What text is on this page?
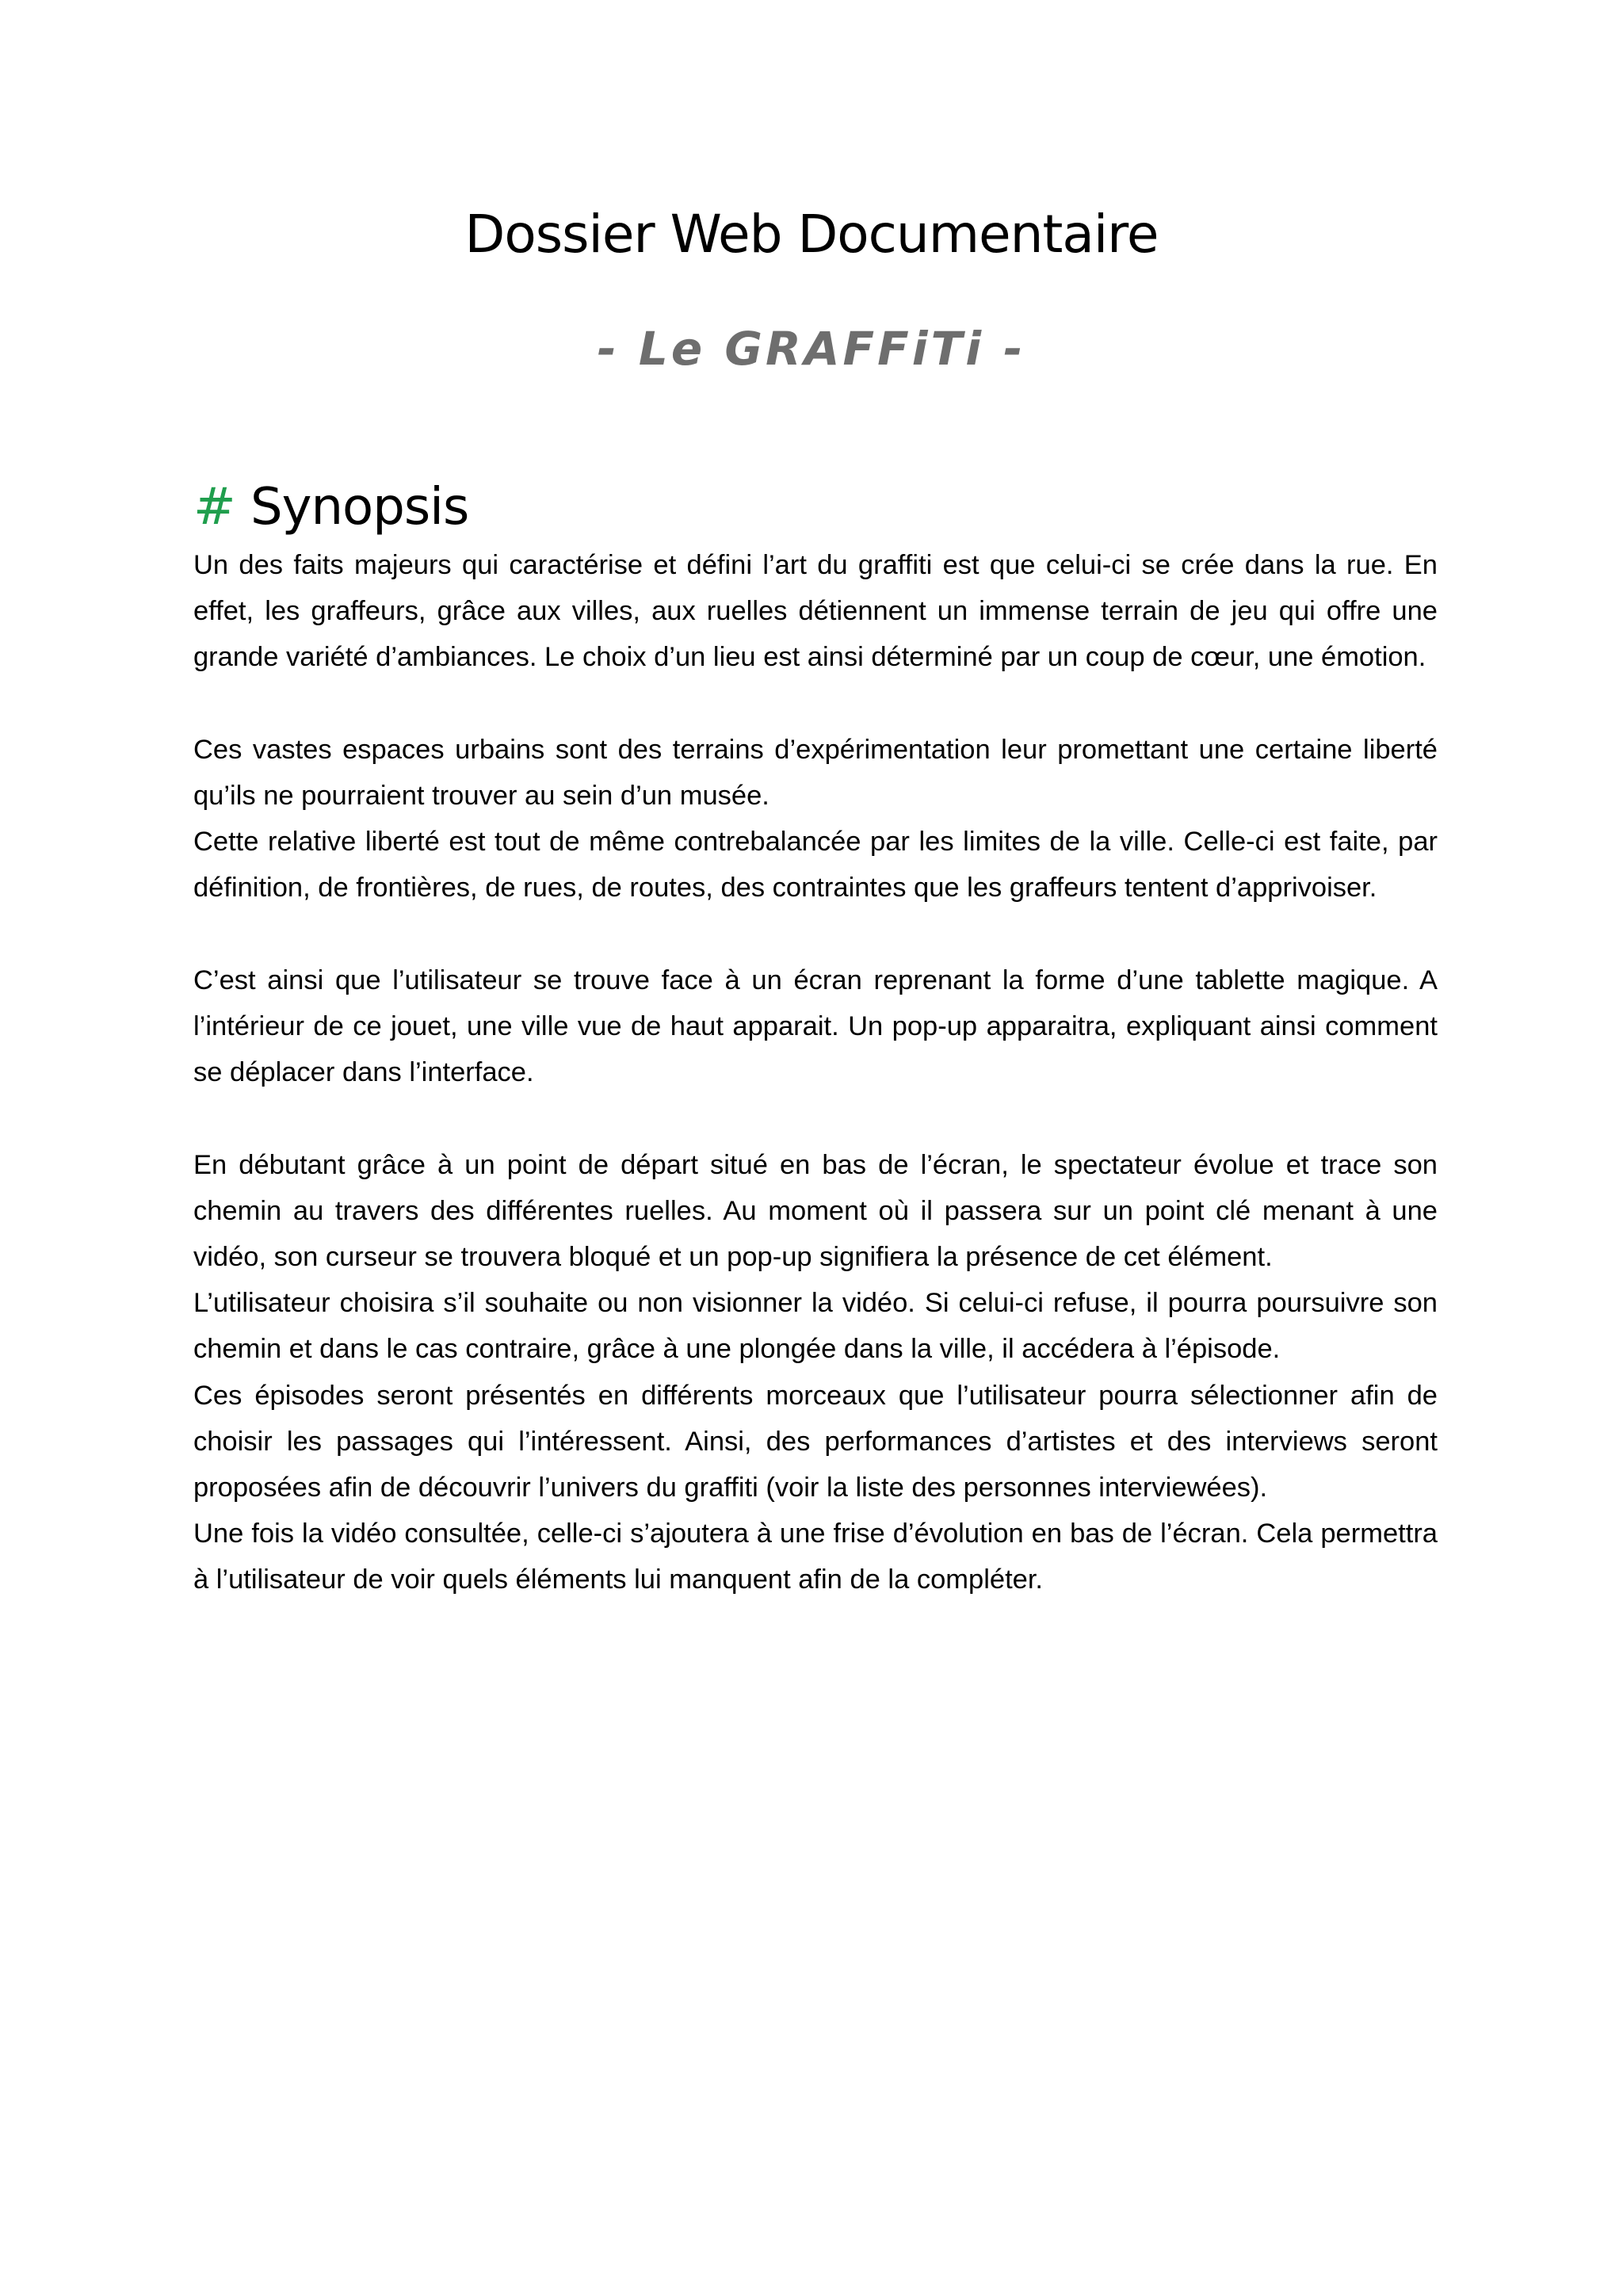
Dossier Web Documentaire
- Le GRAFFiTi -
# Synopsis

Un des faits majeurs qui caractérise et défini l’art du graffiti est que celui-ci se crée dans la rue. En effet, les graffeurs, grâce aux villes, aux ruelles détiennent un immense terrain de jeu qui offre une grande variété d’ambiances. Le choix d’un lieu est ainsi déterminé par un coup de cœur, une émotion.

Ces vastes espaces urbains sont des terrains d’expérimentation leur promettant une certaine liberté qu’ils ne pourraient trouver au sein d’un musée.

Cette relative liberté est tout de même contrebalancée par les limites de la ville. Celle-ci est faite, par définition, de frontières, de rues, de routes, des contraintes que les graffeurs tentent d’apprivoiser.

C’est ainsi que l’utilisateur se trouve face à un écran reprenant la forme d’une tablette magique. A l’intérieur de ce jouet, une ville vue de haut apparait. Un pop-up apparaitra, expliquant ainsi comment se déplacer dans l’interface.

En débutant grâce à un point de départ situé en bas de l’écran, le spectateur évolue et trace son chemin au travers des différentes ruelles. Au moment où il passera sur un point clé menant à une vidéo, son curseur se trouvera bloqué et un pop-up signifiera la présence de cet élément.

L’utilisateur choisira s’il souhaite ou non visionner la vidéo. Si celui-ci refuse, il pourra poursuivre son chemin et dans le cas contraire, grâce à une plongée dans la ville, il accédera à l’épisode.

Ces épisodes seront présentés en différents morceaux que l’utilisateur pourra sélectionner afin de choisir les passages qui l’intéressent. Ainsi, des performances d’artistes et des interviews seront proposées afin de découvrir l’univers du graffiti (voir la liste des personnes interviewées).

Une fois la vidéo consultée, celle-ci s’ajoutera à une frise d’évolution en bas de l’écran. Cela permettra à l’utilisateur de voir quels éléments lui manquent afin de la compléter.
